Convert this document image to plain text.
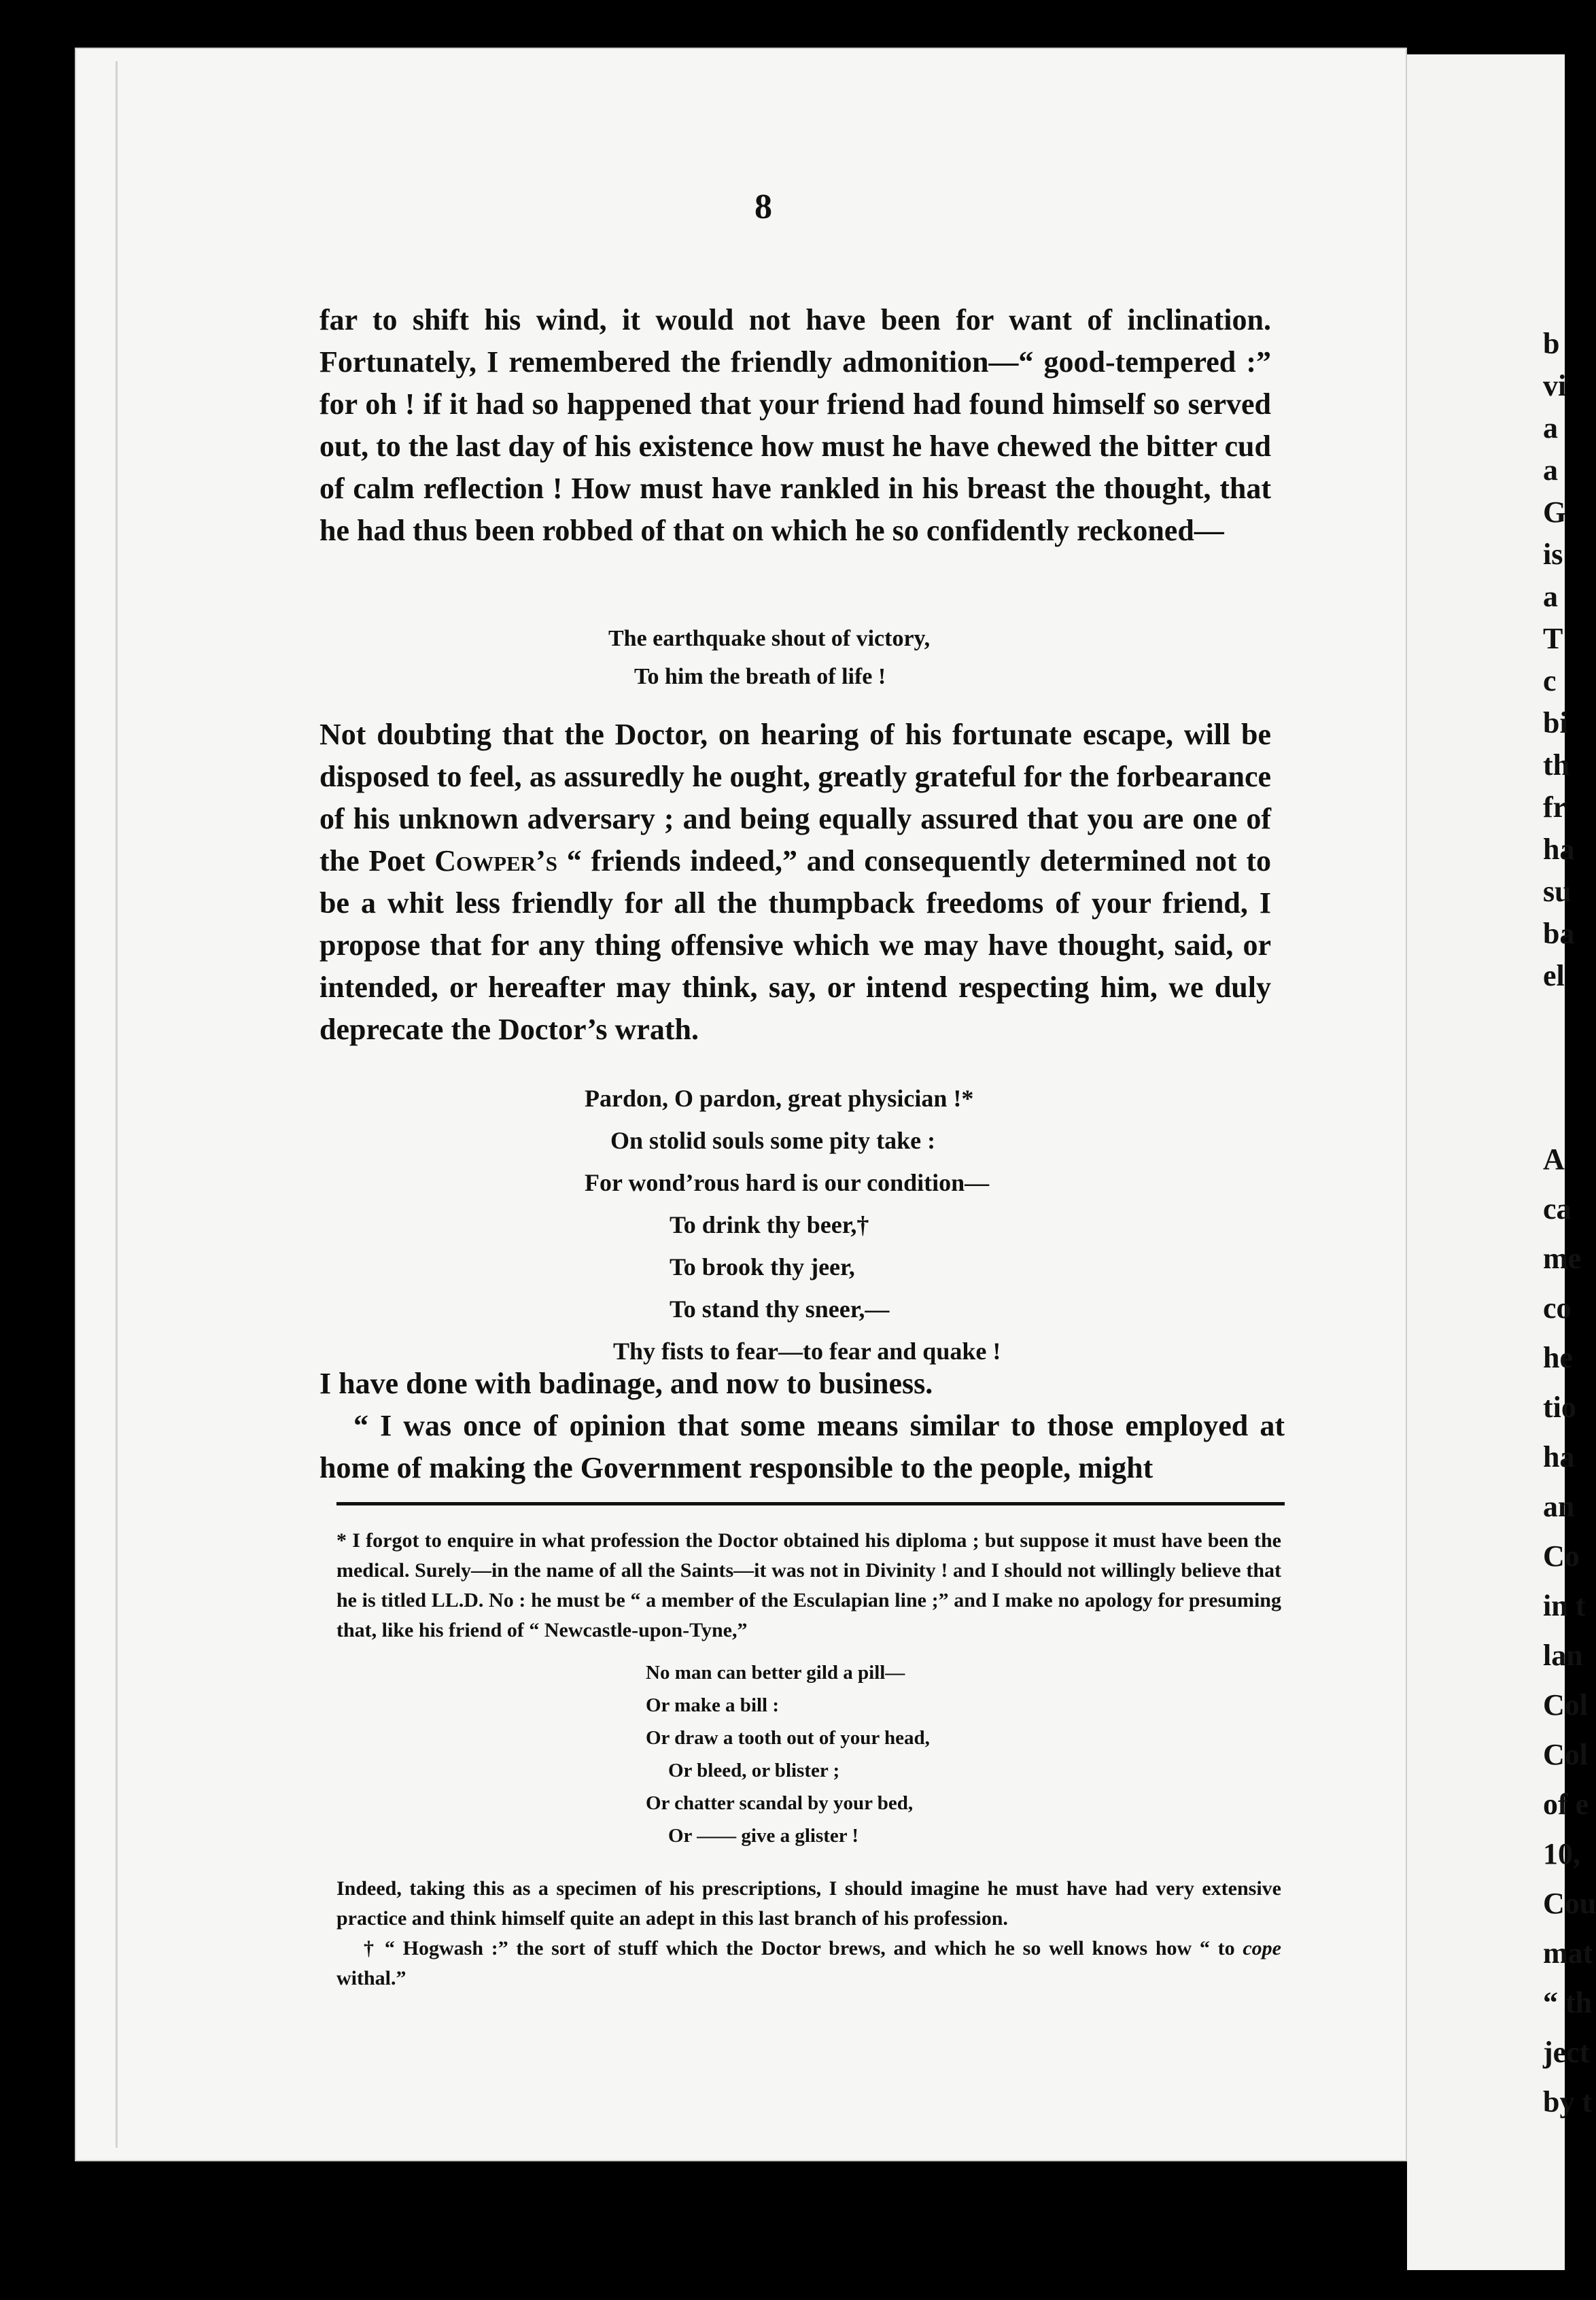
8

far to shift his wind, it would not have been for want of inclination. Fortunately, I remembered the friendly admonition—“ good-tempered :” for oh ! if it had so happened that your friend had found himself so served out, to the last day of his existence how must he have chewed the bitter cud of calm reflection ! How must have rankled in his breast the thought, that he had thus been robbed of that on which he so confidently reckoned—

The earthquake shout of victory,
To him the breath of life !

Not doubting that the Doctor, on hearing of his fortunate escape, will be disposed to feel, as assuredly he ought, greatly grateful for the forbearance of his unknown adversary ; and being equally assured that you are one of the Poet Cowper’s “ friends indeed,” and consequently determined not to be a whit less friendly for all the thumpback freedoms of your friend, I propose that for any thing offensive which we may have thought, said, or intended, or hereafter may think, say, or intend respecting him, we duly deprecate the Doctor’s wrath.

Pardon, O pardon, great physician !*
On stolid souls some pity take :
For wond’rous hard is our condition—
To drink thy beer,†
To brook thy jeer,
To stand thy sneer,—
Thy fists to fear—to fear and quake !

I have done with badinage, and now to business.

“ I was once of opinion that some means similar to those employed at home of making the Government responsible to the people, might

* I forgot to enquire in what profession the Doctor obtained his diploma ; but suppose it must have been the medical. Surely—in the name of all the Saints—it was not in Divinity ! and I should not willingly believe that he is titled LL.D. No : he must be “ a member of the Esculapian line ;” and I make no apology for presuming that, like his friend of “ Newcastle-upon-Tyne,”

No man can better gild a pill—
Or make a bill :
Or draw a tooth out of your head,
Or bleed, or blister ;
Or chatter scandal by your bed,
Or —— give a glister !

Indeed, taking this as a specimen of his prescriptions, I should imagine he must have had very extensive practice and think himself quite an adept in this last branch of his profession.

† “ Hogwash :” the sort of stuff which the Doctor brews, and which he so well knows how “ to cope withal.”

b
vi
a
a
G
is
a
T
c
bi
th
fr
ha
su
ba
el
A
ca
me
co
he
tio
ha
an
Co
in t
lan
Col
Col
of e
10,
Cou
mat
“ th
ject
by t
